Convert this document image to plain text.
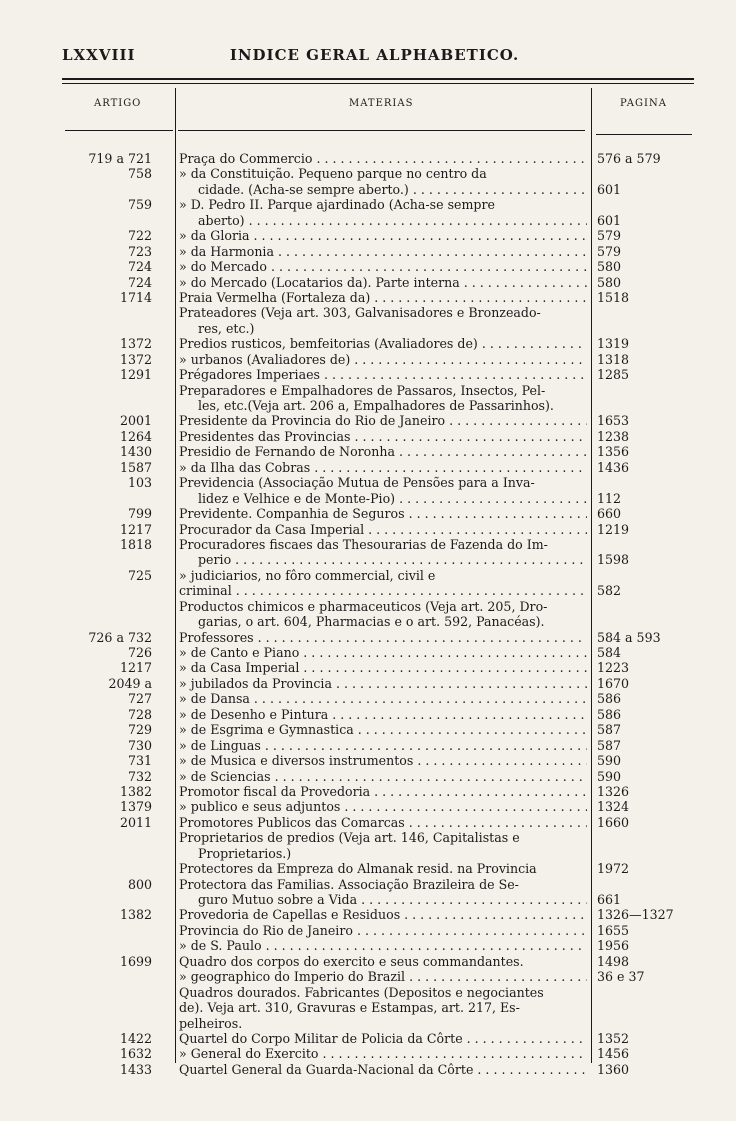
LXXVIII	INDICE GERAL ALPHABETICO.
ARTIGO	MATERIAS	PAGINA
719 a 721 Praça do Commercio . . .	576 a 579
758 » da Constituição. Pequeno parque no centro da
cidade. (Acha-se sempre aberto.) . . .	601
759 » D. Pedro II. Parque ajardinado (Acha-se sempre
aberto) . . .	601
722 » da Gloria . . .	579
723 » da Harmonia . . .	579
724 » do Mercado . . .	580
724 » do Mercado (Locatarios da). Parte interna . . .	580
1714 Praia Vermelha (Fortaleza da) . . .	1518
Prateadores (Veja art. 303, Galvanisadores e Bronzeado-
res, etc.)
1372 Predios rusticos, bemfeitorias (Avaliadores de) . . .	1319
1372 » urbanos (Avaliadores de) . . .	1318
1291 Prégadores Imperiaes . . .	1285
Preparadores e Empalhadores de Passaros, Insectos, Pel-
les, etc.(Veja art. 206 a, Empalhadores de Passarinhos).
2001 Presidente da Provincia do Rio de Janeiro . . .	1653
1264 Presidentes das Provincias . . .	1238
1430 Presidio de Fernando de Noronha . . .	1356
1587 » da Ilha das Cobras . . .	1436
103 Previdencia (Associação Mutua de Pensões para a Inva-
lidez e Velhice e de Monte-Pio) . . .	112
799 Previdente. Companhia de Seguros . . .	660
1217 Procurador da Casa Imperial . . .	1219
1818 Procuradores fiscaes das Thesourarias de Fazenda do Im-
perio . . .	1598
725 » judiciarios, no fôro commercial, civil e
criminal . . .	582
Productos chimicos e pharmaceuticos (Veja art. 205, Dro-
garias, o art. 604, Pharmacias e o art. 592, Panacéas).
726 a 732 Professores . . .	584 a 593
726 » de Canto e Piano . . .	584
1217 » da Casa Imperial . . .	1223
2049 a » jubilados da Provincia . . .	1670
727 » de Dansa . . .	586
728 » de Desenho e Pintura . . .	586
729 » de Esgrima e Gymnastica . . .	587
730 » de Linguas . . .	587
731 » de Musica e diversos instrumentos . . .	590
732 » de Sciencias . . .	590
1382 Promotor fiscal da Provedoria . . .	1326
1379 » publico e seus adjuntos . . .	1324
2011 Promotores Publicos das Comarcas . . .	1660
Proprietarios de predios (Veja art. 146, Capitalistas e
Proprietarios.)
Protectores da Empreza do Almanak resid. na Provincia	1972
800 Protectora das Familias. Associação Brazileira de Se-
guro Mutuo sobre a Vida . . .	661
1382 Provedoria de Capellas e Residuos . . .	1326—1327
Provincia do Rio de Janeiro . . .	1655
» de S. Paulo . . .	1956
1699 Quadro dos corpos do exercito e seus commandantes.	1498
» geographico do Imperio do Brazil . . .	36 e 37
Quadros dourados. Fabricantes (Depositos e negociantes
de). Veja art. 310, Gravuras e Estampas, art. 217, Es-
pelheiros.
1422 Quartel do Corpo Militar de Policia da Côrte . . .	1352
1632 » General do Exercito . . .	1456
1433 Quartel General da Guarda-Nacional da Côrte . . .	1360
